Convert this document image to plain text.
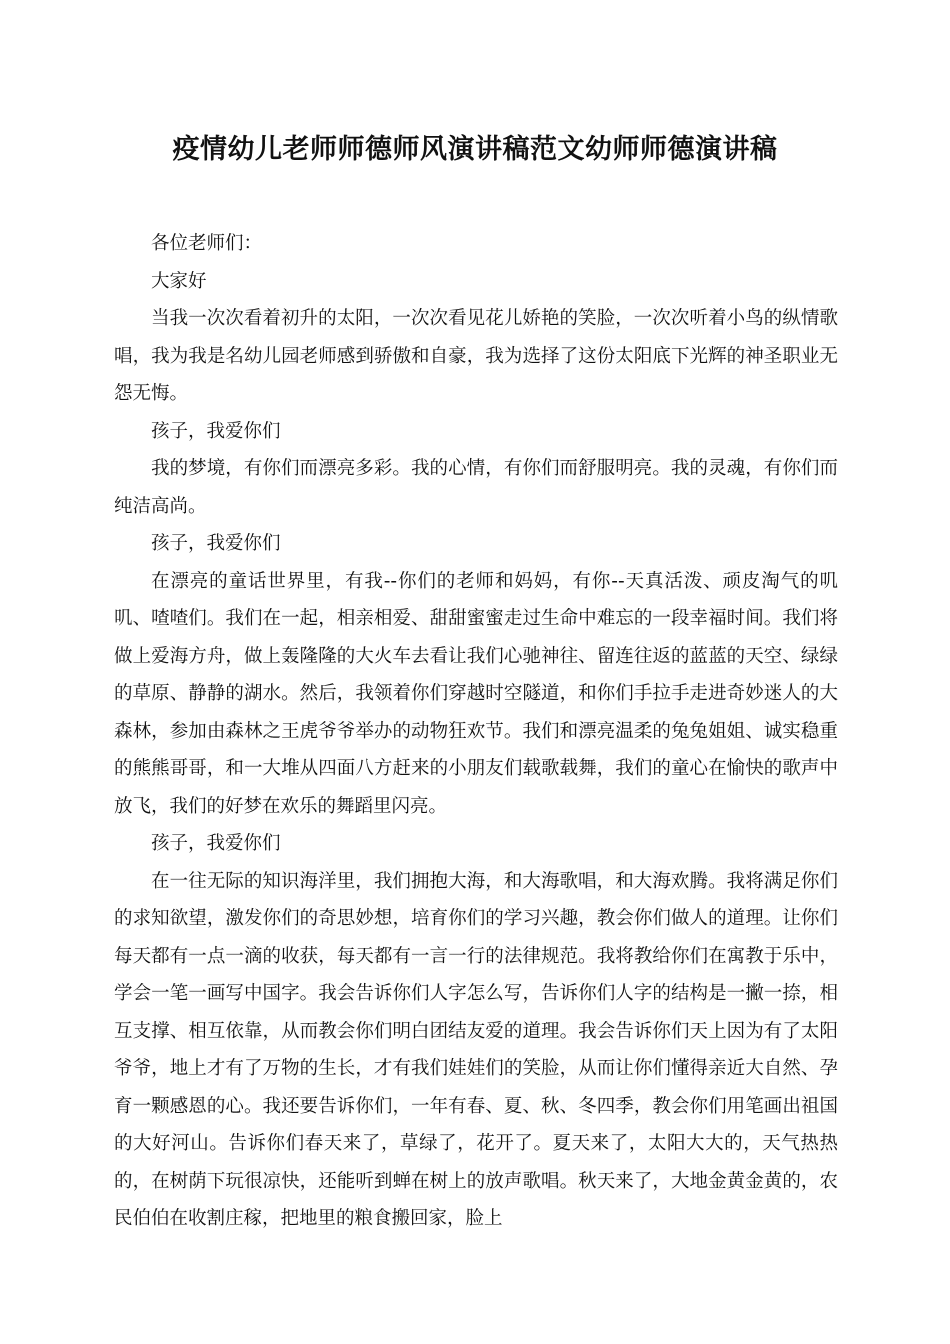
疫情幼儿老师师德师风演讲稿范文幼师师德演讲稿

各位老师们：

大家好

当我一次次看着初升的太阳，一次次看见花儿娇艳的笑脸，一次次听着小鸟的纵情歌唱，我为我是名幼儿园老师感到骄傲和自豪，我为选择了这份太阳底下光辉的神圣职业无怨无悔。

孩子，我爱你们

我的梦境，有你们而漂亮多彩。我的心情，有你们而舒服明亮。我的灵魂，有你们而纯洁高尚。

孩子，我爱你们

在漂亮的童话世界里，有我--你们的老师和妈妈，有你--天真活泼、顽皮淘气的叽叽、喳喳们。我们在一起，相亲相爱、甜甜蜜蜜走过生命中难忘的一段幸福时间。我们将做上爱海方舟，做上轰隆隆的大火车去看让我们心驰神往、留连往返的蓝蓝的天空、绿绿的草原、静静的湖水。然后，我领着你们穿越时空隧道，和你们手拉手走进奇妙迷人的大森林，参加由森林之王虎爷爷举办的动物狂欢节。我们和漂亮温柔的兔兔姐姐、诚实稳重的熊熊哥哥，和一大堆从四面八方赶来的小朋友们载歌载舞，我们的童心在愉快的歌声中放飞，我们的好梦在欢乐的舞蹈里闪亮。

孩子，我爱你们

在一往无际的知识海洋里，我们拥抱大海，和大海歌唱，和大海欢腾。我将满足你们的求知欲望，激发你们的奇思妙想，培育你们的学习兴趣，教会你们做人的道理。让你们每天都有一点一滴的收获，每天都有一言一行的法律规范。我将教给你们在寓教于乐中，学会一笔一画写中国字。我会告诉你们人字怎么写，告诉你们人字的结构是一撇一捺，相互支撑、相互依靠，从而教会你们明白团结友爱的道理。我会告诉你们天上因为有了太阳爷爷，地上才有了万物的生长，才有我们娃娃们的笑脸，从而让你们懂得亲近大自然、孕育一颗感恩的心。我还要告诉你们，一年有春、夏、秋、冬四季，教会你们用笔画出祖国的大好河山。告诉你们春天来了，草绿了，花开了。夏天来了，太阳大大的，天气热热的，在树荫下玩很凉快，还能听到蝉在树上的放声歌唱。秋天来了，大地金黄金黄的，农民伯伯在收割庄稼，把地里的粮食搬回家，脸上
